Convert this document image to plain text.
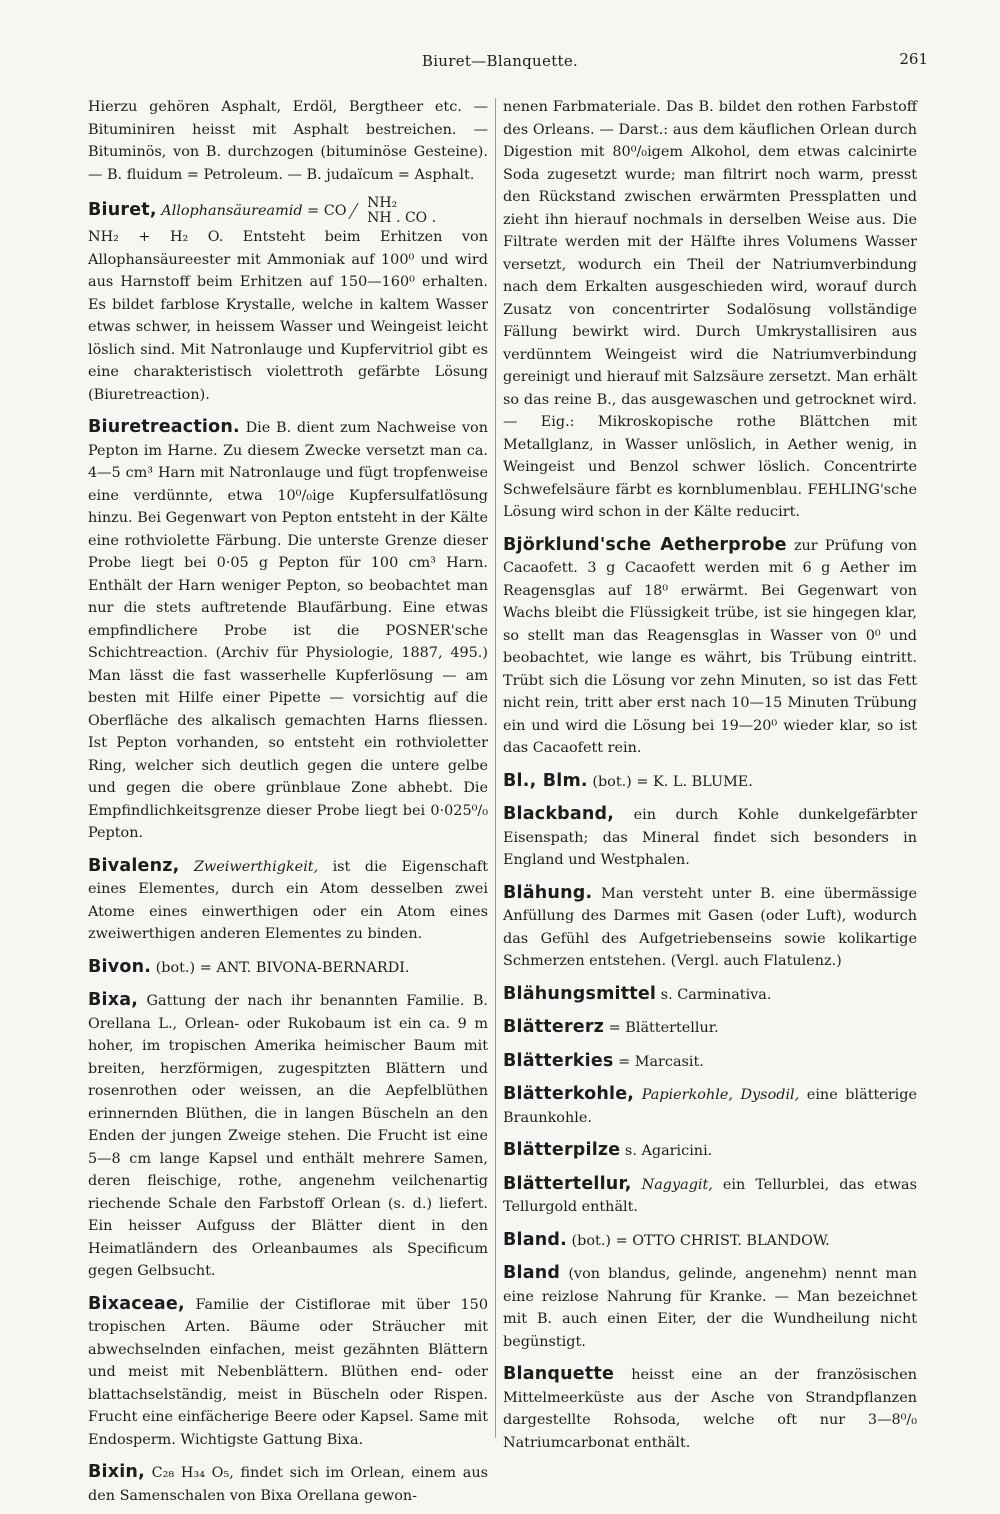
Biuret—Blanquette.	261

Hierzu gehören Asphalt, Erdöl, Bergtheer etc. — Bituminiren heisst mit Asphalt bestreichen. — Bituminös, von B. durchzogen (bituminöse Gesteine). — B. fluidum = Petroleum. — B. judaïcum = Asphalt.

Biuret, Allophansäureamid = CO	NH₂
NH . CO .

NH₂ + H₂ O. Entsteht beim Erhitzen von Allophansäureester mit Ammoniak auf 100⁰ und wird aus Harnstoff beim Erhitzen auf 150—160⁰ erhalten. Es bildet farblose Krystalle, welche in kaltem Wasser etwas schwer, in heissem Wasser und Weingeist leicht löslich sind. Mit Natronlauge und Kupfervitriol gibt es eine charakteristisch violettroth gefärbte Lösung (Biuretreaction).

Biuretreaction. Die B. dient zum Nachweise von Pepton im Harne. Zu diesem Zwecke versetzt man ca. 4—5 cm³ Harn mit Natronlauge und fügt tropfenweise eine verdünnte, etwa 10⁰/₀ige Kupfersulfatlösung hinzu. Bei Gegenwart von Pepton entsteht in der Kälte eine rothviolette Färbung. Die unterste Grenze dieser Probe liegt bei 0·05 g Pepton für 100 cm³ Harn. Enthält der Harn weniger Pepton, so beobachtet man nur die stets auftretende Blaufärbung. Eine etwas empfindlichere Probe ist die POSNER'sche Schichtreaction. (Archiv für Physiologie, 1887, 495.) Man lässt die fast wasserhelle Kupferlösung — am besten mit Hilfe einer Pipette — vorsichtig auf die Oberfläche des alkalisch gemachten Harns fliessen. Ist Pepton vorhanden, so entsteht ein rothvioletter Ring, welcher sich deutlich gegen die untere gelbe und gegen die obere grünblaue Zone abhebt. Die Empfindlichkeitsgrenze dieser Probe liegt bei 0·025⁰/₀ Pepton.

Bivalenz, Zweiwerthigkeit, ist die Eigenschaft eines Elementes, durch ein Atom desselben zwei Atome eines einwerthigen oder ein Atom eines zweiwerthigen anderen Elementes zu binden.

Bivon. (bot.) = ANT. BIVONA-BERNARDI.

Bixa, Gattung der nach ihr benannten Familie. B. Orellana L., Orlean- oder Rukobaum ist ein ca. 9 m hoher, im tropischen Amerika heimischer Baum mit breiten, herzförmigen, zugespitzten Blättern und rosenrothen oder weissen, an die Aepfelblüthen erinnernden Blüthen, die in langen Büscheln an den Enden der jungen Zweige stehen. Die Frucht ist eine 5—8 cm lange Kapsel und enthält mehrere Samen, deren fleischige, rothe, angenehm veilchenartig riechende Schale den Farbstoff Orlean (s. d.) liefert. Ein heisser Aufguss der Blätter dient in den Heimatländern des Orleanbaumes als Specificum gegen Gelbsucht.

Bixaceae, Familie der Cistiflorae mit über 150 tropischen Arten. Bäume oder Sträucher mit abwechselnden einfachen, meist gezähnten Blättern und meist mit Nebenblättern. Blüthen end- oder blattachselständig, meist in Büscheln oder Rispen. Frucht eine einfächerige Beere oder Kapsel. Same mit Endosperm. Wichtigste Gattung Bixa.

Bixin, C₂₈ H₃₄ O₅, findet sich im Orlean, einem aus den Samenschalen von Bixa Orellana gewon-

nenen Farbmateriale. Das B. bildet den rothen Farbstoff des Orleans. — Darst.: aus dem käuflichen Orlean durch Digestion mit 80⁰/₀igem Alkohol, dem etwas calcinirte Soda zugesetzt wurde; man filtrirt noch warm, presst den Rückstand zwischen erwärmten Pressplatten und zieht ihn hierauf nochmals in derselben Weise aus. Die Filtrate werden mit der Hälfte ihres Volumens Wasser versetzt, wodurch ein Theil der Natriumverbindung nach dem Erkalten ausgeschieden wird, worauf durch Zusatz von concentrirter Sodalösung vollständige Fällung bewirkt wird. Durch Umkrystallisiren aus verdünntem Weingeist wird die Natriumverbindung gereinigt und hierauf mit Salzsäure zersetzt. Man erhält so das reine B., das ausgewaschen und getrocknet wird. — Eig.: Mikroskopische rothe Blättchen mit Metallglanz, in Wasser unlöslich, in Aether wenig, in Weingeist und Benzol schwer löslich. Concentrirte Schwefelsäure färbt es kornblumenblau. FEHLING'sche Lösung wird schon in der Kälte reducirt.

Björklund'sche Aetherprobe zur Prüfung von Cacaofett. 3 g Cacaofett werden mit 6 g Aether im Reagensglas auf 18⁰ erwärmt. Bei Gegenwart von Wachs bleibt die Flüssigkeit trübe, ist sie hingegen klar, so stellt man das Reagensglas in Wasser von 0⁰ und beobachtet, wie lange es währt, bis Trübung eintritt. Trübt sich die Lösung vor zehn Minuten, so ist das Fett nicht rein, tritt aber erst nach 10—15 Minuten Trübung ein und wird die Lösung bei 19—20⁰ wieder klar, so ist das Cacaofett rein.

Bl., Blm. (bot.) = K. L. BLUME.

Blackband, ein durch Kohle dunkelgefärbter Eisenspath; das Mineral findet sich besonders in England und Westphalen.

Blähung. Man versteht unter B. eine übermässige Anfüllung des Darmes mit Gasen (oder Luft), wodurch das Gefühl des Aufgetriebenseins sowie kolikartige Schmerzen entstehen. (Vergl. auch Flatulenz.)

Blähungsmittel s. Carminativa.

Blättererz = Blättertellur.

Blätterkies = Marcasit.

Blätterkohle, Papierkohle, Dysodil, eine blätterige Braunkohle.

Blätterpilze s. Agaricini.

Blättertellur, Nagyagit, ein Tellurblei, das etwas Tellurgold enthält.

Bland. (bot.) = OTTO CHRIST. BLANDOW.

Bland (von blandus, gelinde, angenehm) nennt man eine reizlose Nahrung für Kranke. — Man bezeichnet mit B. auch einen Eiter, der die Wundheilung nicht begünstigt.

Blanquette heisst eine an der französischen Mittelmeerküste aus der Asche von Strandpflanzen dargestellte Rohsoda, welche oft nur 3—8⁰/₀ Natriumcarbonat enthält.
